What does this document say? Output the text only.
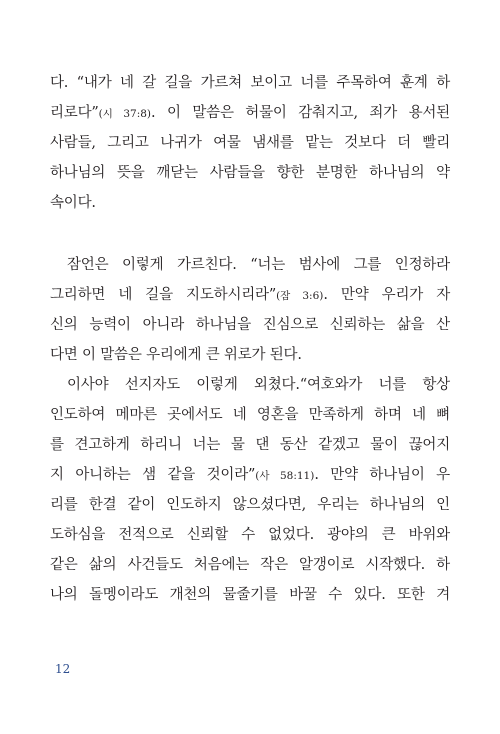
다. “내가 네 갈 길을 가르쳐 보이고 너를 주목하여 훈계 하
리로다”(시 37:8). 이 말씀은 허물이 감춰지고, 죄가 용서된
사람들, 그리고 나귀가 여물 냄새를 맡는 것보다 더 빨리
하나님의 뜻을 깨닫는 사람들을 향한 분명한 하나님의 약
속이다.
잠언은 이렇게 가르친다. “너는 범사에 그를 인정하라
그리하면 네 길을 지도하시리라”(잠 3:6). 만약 우리가 자
신의 능력이 아니라 하나님을 진심으로 신뢰하는 삶을 산
다면 이 말씀은 우리에게 큰 위로가 된다.
이사야 선지자도 이렇게 외쳤다.“여호와가 너를 항상
인도하여 메마른 곳에서도 네 영혼을 만족하게 하며 네 뼈
를 견고하게 하리니 너는 물 댄 동산 같겠고 물이 끊어지
지 아니하는 샘 같을 것이라”(사 58:11). 만약 하나님이 우
리를 한결 같이 인도하지 않으셨다면, 우리는 하나님의 인
도하심을 전적으로 신뢰할 수 없었다. 광야의 큰 바위와
같은 삶의 사건들도 처음에는 작은 알갱이로 시작했다. 하
나의 돌멩이라도 개천의 물줄기를 바꿀 수 있다. 또한 겨
12
